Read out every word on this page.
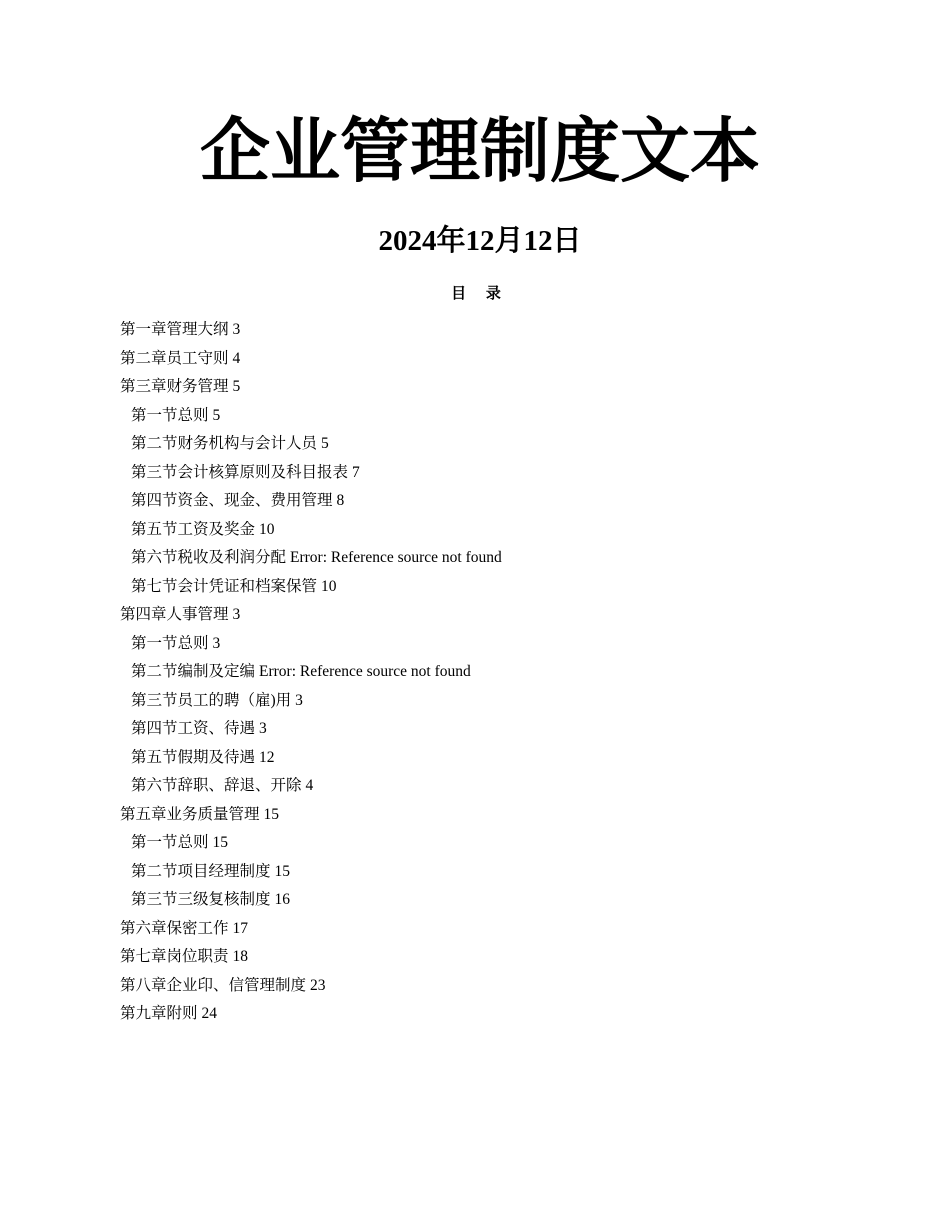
企业管理制度文本
2024年12月12日
目 录
第一章管理大纲 3
第二章员工守则 4
第三章财务管理 5
第一节总则 5
第二节财务机构与会计人员 5
第三节会计核算原则及科目报表 7
第四节资金、现金、费用管理 8
第五节工资及奖金 10
第六节税收及利润分配 Error: Reference source not found
第七节会计凭证和档案保管 10
第四章人事管理 3
第一节总则 3
第二节编制及定编 Error: Reference source not found
第三节员工的聘（雇)用 3
第四节工资、待遇 3
第五节假期及待遇 12
第六节辞职、辞退、开除 4
第五章业务质量管理 15
第一节总则 15
第二节项目经理制度 15
第三节三级复核制度 16
第六章保密工作 17
第七章岗位职责 18
第八章企业印、信管理制度 23
第九章附则 24
